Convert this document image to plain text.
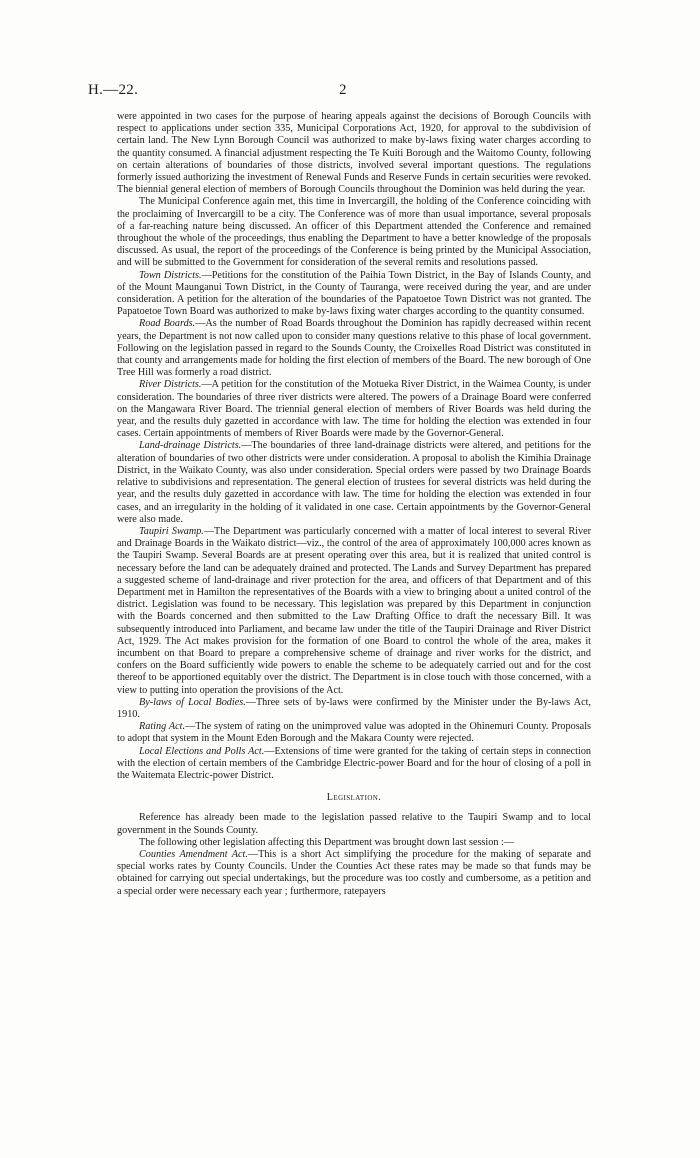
H.—22.	2

were appointed in two cases for the purpose of hearing appeals against the decisions of Borough Councils with respect to applications under section 335, Municipal Corporations Act, 1920, for approval to the subdivision of certain land. The New Lynn Borough Council was authorized to make by-laws fixing water charges according to the quantity consumed. A financial adjustment respecting the Te Kuiti Borough and the Waitomo County, following on certain alterations of boundaries of those districts, involved several important questions. The regulations formerly issued authorizing the investment of Renewal Funds and Reserve Funds in certain securities were revoked. The biennial general election of members of Borough Councils throughout the Dominion was held during the year.

The Municipal Conference again met, this time in Invercargill, the holding of the Conference coinciding with the proclaiming of Invercargill to be a city. The Conference was of more than usual importance, several proposals of a far-reaching nature being discussed. An officer of this Department attended the Conference and remained throughout the whole of the proceedings, thus enabling the Department to have a better knowledge of the proposals discussed. As usual, the report of the proceedings of the Conference is being printed by the Municipal Association, and will be submitted to the Government for consideration of the several remits and resolutions passed.

Town Districts.—Petitions for the constitution of the Paihia Town District, in the Bay of Islands County, and of the Mount Maunganui Town District, in the County of Tauranga, were received during the year, and are under consideration. A petition for the alteration of the boundaries of the Papatoetoe Town District was not granted. The Papatoetoe Town Board was authorized to make by-laws fixing water charges according to the quantity consumed.

Road Boards.—As the number of Road Boards throughout the Dominion has rapidly decreased within recent years, the Department is not now called upon to consider many questions relative to this phase of local government. Following on the legislation passed in regard to the Sounds County, the Croixelles Road District was constituted in that county and arrangements made for holding the first election of members of the Board. The new borough of One Tree Hill was formerly a road district.

River Districts.—A petition for the constitution of the Motueka River District, in the Waimea County, is under consideration. The boundaries of three river districts were altered. The powers of a Drainage Board were conferred on the Mangawara River Board. The triennial general election of members of River Boards was held during the year, and the results duly gazetted in accordance with law. The time for holding the election was extended in four cases. Certain appointments of members of River Boards were made by the Governor-General.

Land-drainage Districts.—The boundaries of three land-drainage districts were altered, and petitions for the alteration of boundaries of two other districts were under consideration. A proposal to abolish the Kimihia Drainage District, in the Waikato County, was also under consideration. Special orders were passed by two Drainage Boards relative to subdivisions and representation. The general election of trustees for several districts was held during the year, and the results duly gazetted in accordance with law. The time for holding the election was extended in four cases, and an irregularity in the holding of it validated in one case. Certain appointments by the Governor-General were also made.

Taupiri Swamp.—The Department was particularly concerned with a matter of local interest to several River and Drainage Boards in the Waikato district—viz., the control of the area of approximately 100,000 acres known as the Taupiri Swamp. Several Boards are at present operating over this area, but it is realized that united control is necessary before the land can be adequately drained and protected. The Lands and Survey Department has prepared a suggested scheme of land-drainage and river protection for the area, and officers of that Department and of this Department met in Hamilton the representatives of the Boards with a view to bringing about a united control of the district. Legislation was found to be necessary. This legislation was prepared by this Department in conjunction with the Boards concerned and then submitted to the Law Drafting Office to draft the necessary Bill. It was subsequently introduced into Parliament, and became law under the title of the Taupiri Drainage and River District Act, 1929. The Act makes provision for the formation of one Board to control the whole of the area, makes it incumbent on that Board to prepare a comprehensive scheme of drainage and river works for the district, and confers on the Board sufficiently wide powers to enable the scheme to be adequately carried out and for the cost thereof to be apportioned equitably over the district. The Department is in close touch with those concerned, with a view to putting into operation the provisions of the Act.

By-laws of Local Bodies.—Three sets of by-laws were confirmed by the Minister under the By-laws Act, 1910.

Rating Act.—The system of rating on the unimproved value was adopted in the Ohinemuri County. Proposals to adopt that system in the Mount Eden Borough and the Makara County were rejected.

Local Elections and Polls Act.—Extensions of time were granted for the taking of certain steps in connection with the election of certain members of the Cambridge Electric-power Board and for the hour of closing of a poll in the Waitemata Electric-power District.

Legislation.

Reference has already been made to the legislation passed relative to the Taupiri Swamp and to local government in the Sounds County.

The following other legislation affecting this Department was brought down last session :—

Counties Amendment Act.—This is a short Act simplifying the procedure for the making of separate and special works rates by County Councils. Under the Counties Act these rates may be made so that funds may be obtained for carrying out special undertakings, but the procedure was too costly and cumbersome, as a petition and a special order were necessary each year ; furthermore, ratepayers
